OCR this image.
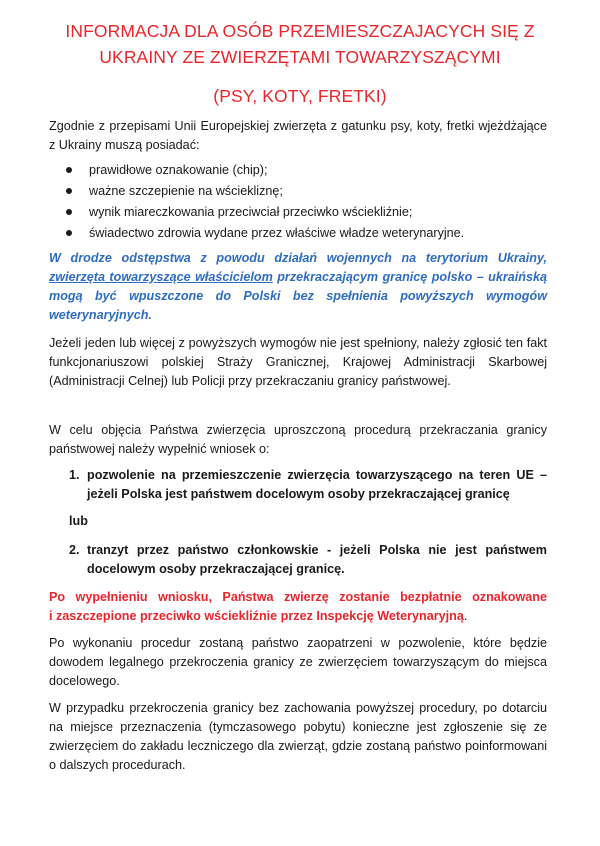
INFORMACJA DLA OSÓB PRZEMIESZCZAJACYCH SIĘ Z
UKRAINY ZE ZWIERZĘTAMI TOWARZYSZĄCYMI
(PSY, KOTY, FRETKI)
Zgodnie z przepisami Unii Europejskiej zwierzęta z gatunku psy, koty, fretki wjeżdżające z Ukrainy muszą posiadać:
prawidłowe oznakowanie (chip);
ważne szczepienie na wściekliznę;
wynik miareczkowania przeciwciał przeciwko wściekliźnie;
świadectwo zdrowia wydane przez właściwe władze weterynaryjne.
W drodze odstępstwa z powodu działań wojennych na terytorium Ukrainy, zwierzęta towarzyszące właścicielom przekraczającym granicę polsko – ukraińską mogą być wpuszczone do Polski bez spełnienia powyższych wymogów weterynaryjnych.
Jeżeli jeden lub więcej z powyższych wymogów nie jest spełniony, należy zgłosić ten fakt funkcjonariuszowi polskiej Straży Granicznej, Krajowej Administracji Skarbowej (Administracji Celnej) lub Policji przy przekraczaniu granicy państwowej.
W celu objęcia Państwa zwierzęcia uproszczoną procedurą przekraczania granicy państwowej należy wypełnić wniosek o:
1. pozwolenie na przemieszczenie zwierzęcia towarzyszącego na teren UE – jeżeli Polska jest państwem docelowym osoby przekraczającej granicę
lub
2. tranzyt przez państwo członkowskie - jeżeli Polska nie jest państwem docelowym osoby przekraczającej granicę.
Po wypełnieniu wniosku, Państwa zwierzę zostanie bezpłatnie oznakowane
i zaszczepione przeciwko wściekliźnie przez Inspekcję Weterynaryjną.
Po wykonaniu procedur zostaną państwo zaopatrzeni w pozwolenie, które będzie dowodem legalnego przekroczenia granicy ze zwierzęciem towarzyszącym do miejsca docelowego.
W przypadku przekroczenia granicy bez zachowania powyższej procedury, po dotarciu na miejsce przeznaczenia (tymczasowego pobytu) konieczne jest zgłoszenie się ze zwierzęciem do zakładu leczniczego dla zwierząt, gdzie zostaną państwo poinformowani o dalszych procedurach.
